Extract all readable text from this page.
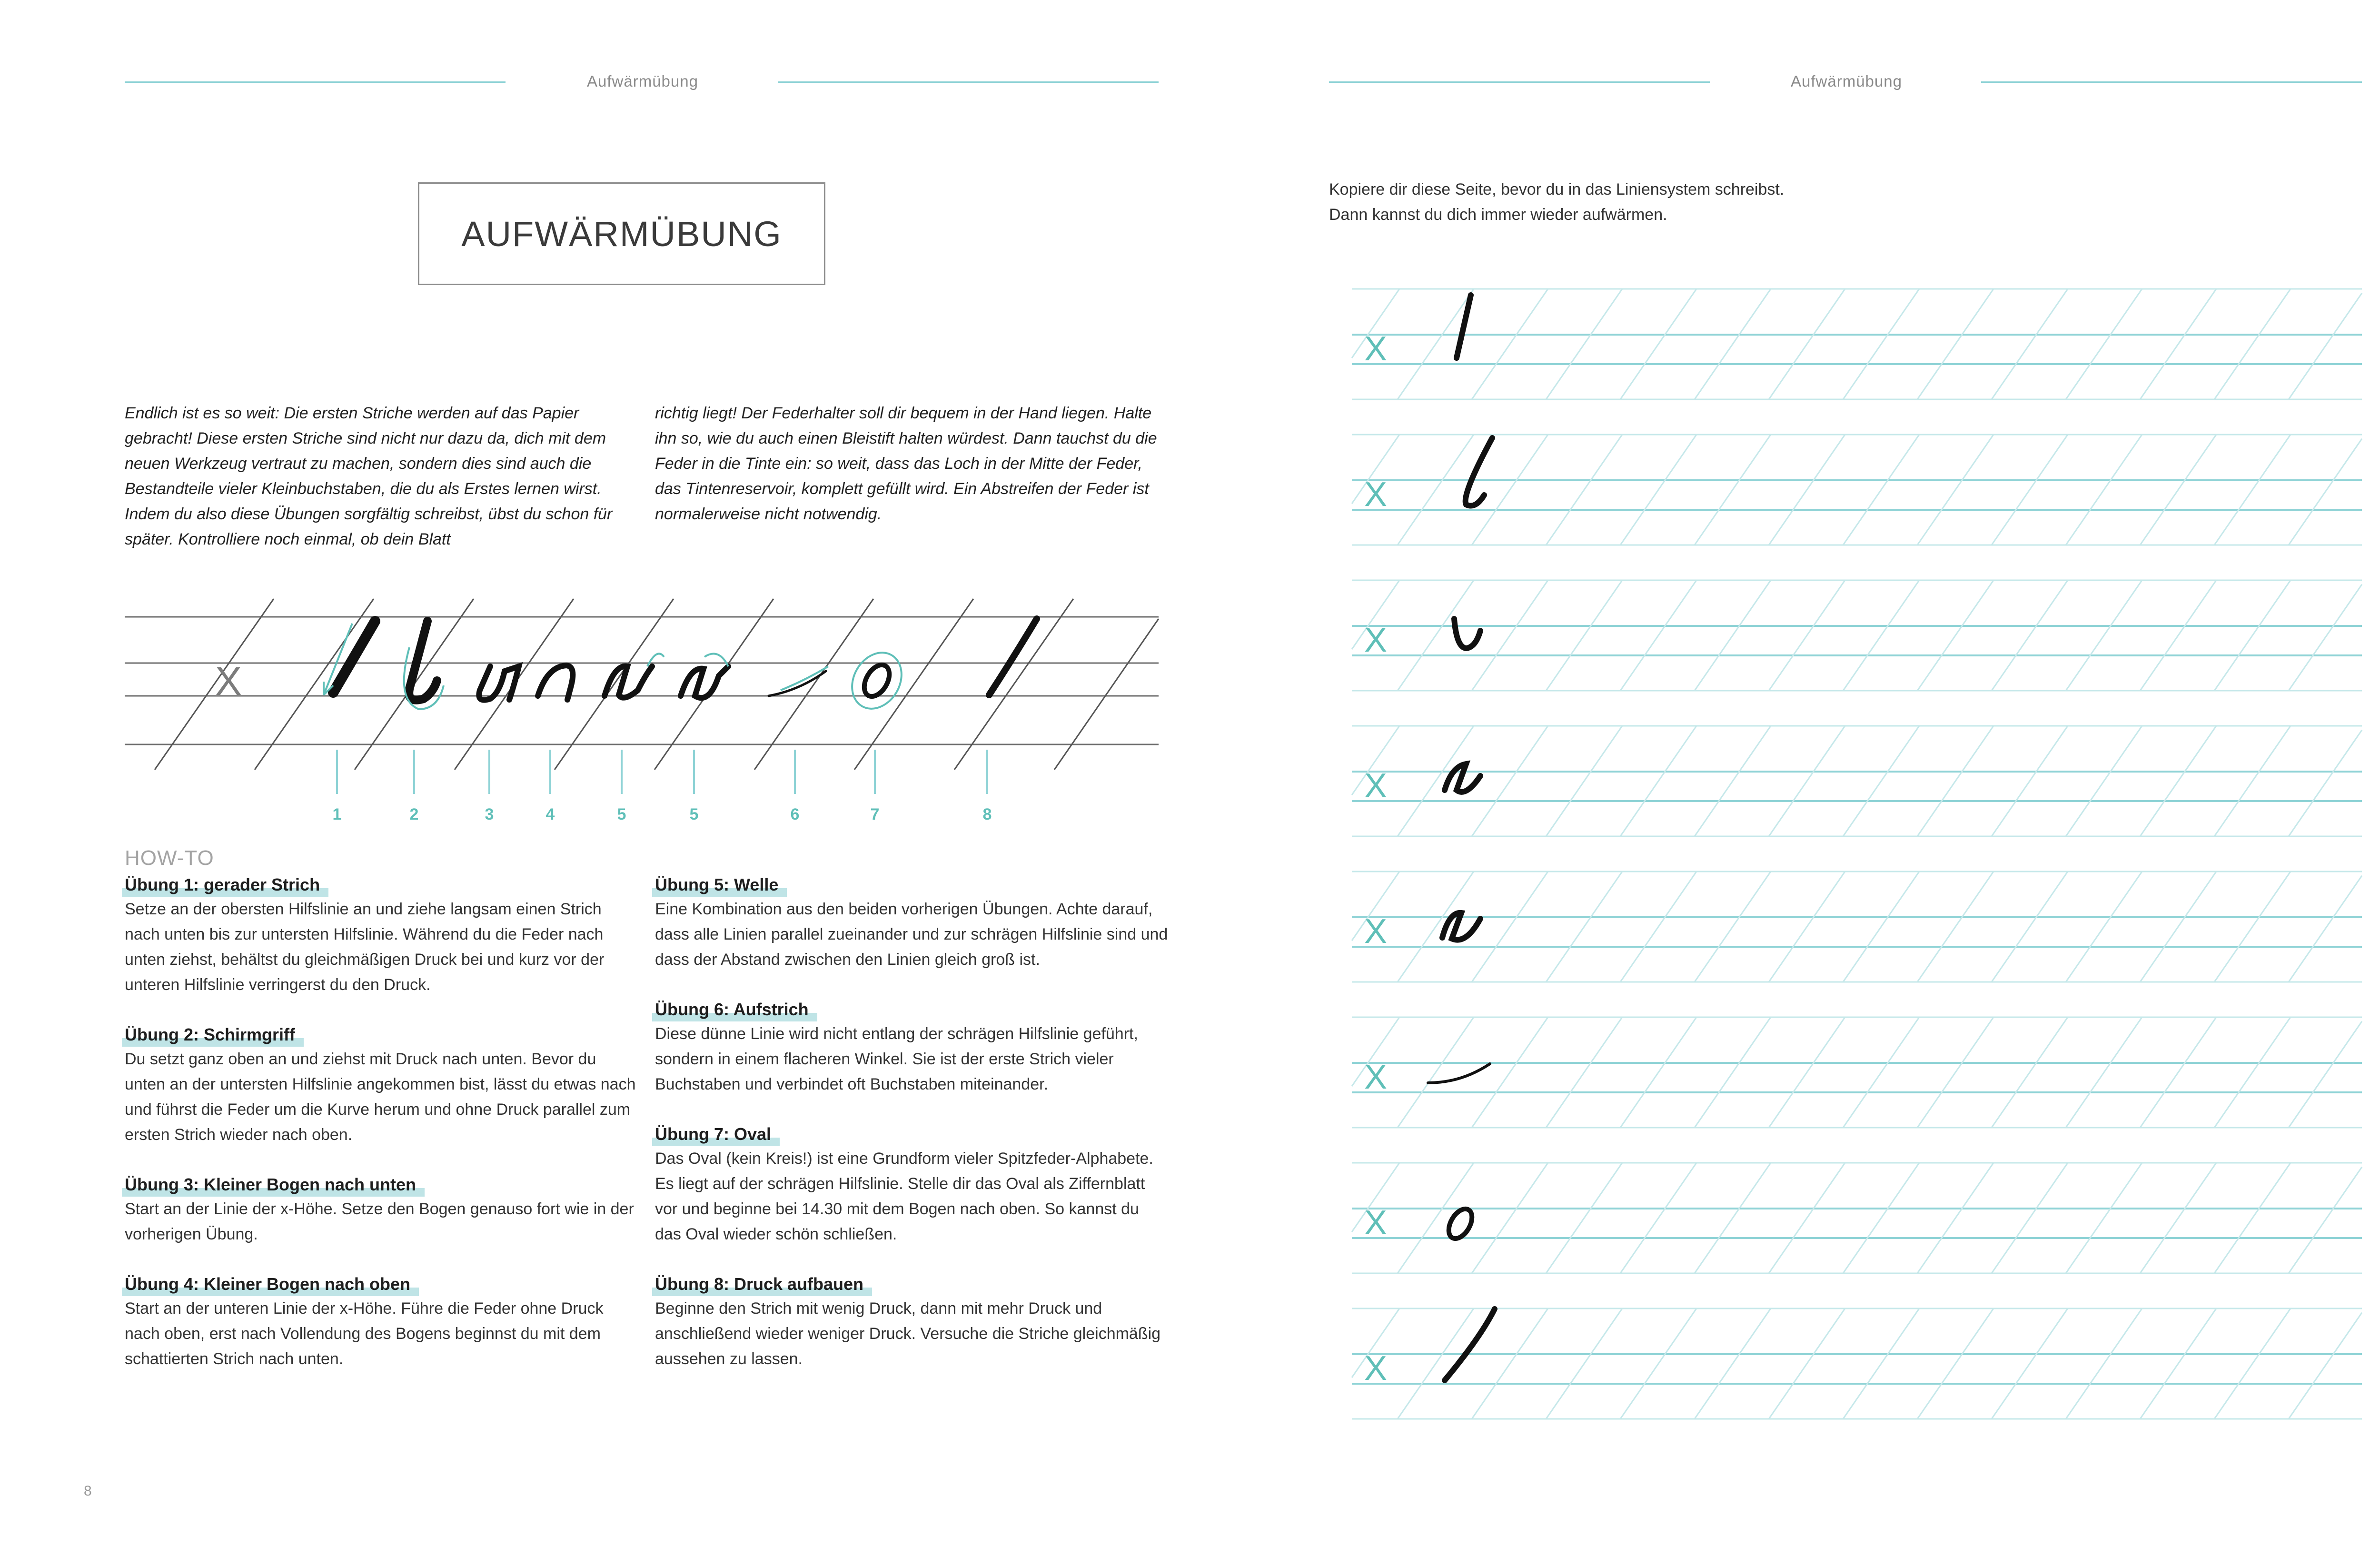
Aufwärmübung	Aufwärmübung
AUFWÄRMÜBUNG

Endlich ist es so weit: Die ersten Striche werden auf das Papier gebracht! Diese ersten Striche sind nicht nur dazu da, dich mit dem neuen Werkzeug vertraut zu machen, sondern dies sind auch die Bestandteile vieler Kleinbuchstaben, die du als Erstes lernen wirst. Indem du also diese Übungen sorgfältig schreibst, übst du schon für später. Kontrolliere noch einmal, ob dein Blatt

richtig liegt! Der Federhalter soll dir bequem in der Hand liegen. Halte ihn so, wie du auch einen Bleistift halten würdest. Dann tauchst du die Feder in die Tinte ein: so weit, dass das Loch in der Mitte der Feder, das Tintenreservoir, komplett gefüllt wird. Ein Abstreifen der Feder ist normalerweise nicht notwendig.

X
1	2	3	4	5	5	6	7	8
HOW-TO
Übung 1: gerader Strich
Setze an der obersten Hilfslinie an und ziehe langsam einen Strich nach unten bis zur untersten Hilfslinie. Während du die Feder nach unten ziehst, behältst du gleichmäßigen Druck bei und kurz vor der unteren Hilfslinie verringerst du den Druck.
Übung 2: Schirmgriff
Du setzt ganz oben an und ziehst mit Druck nach unten. Bevor du unten an der untersten Hilfslinie angekommen bist, lässt du etwas nach und führst die Feder um die Kurve herum und ohne Druck parallel zum ersten Strich wieder nach oben.
Übung 3: Kleiner Bogen nach unten
Start an der Linie der x-Höhe. Setze den Bogen genauso fort wie in der vorherigen Übung.
Übung 4: Kleiner Bogen nach oben
Start an der unteren Linie der x-Höhe. Führe die Feder ohne Druck nach oben, erst nach Vollendung des Bogens beginnst du mit dem schattierten Strich nach unten.
Übung 5: Welle
Eine Kombination aus den beiden vorherigen Übungen. Achte darauf, dass alle Linien parallel zueinander und zur schrägen Hilfslinie sind und dass der Abstand zwischen den Linien gleich groß ist.
Übung 6: Aufstrich
Diese dünne Linie wird nicht entlang der schrägen Hilfslinie geführt, sondern in einem flacheren Winkel. Sie ist der erste Strich vieler Buchstaben und verbindet oft Buchstaben miteinander.
Übung 7: Oval
Das Oval (kein Kreis!) ist eine Grundform vieler Spitzfeder-Alphabete. Es liegt auf der schrägen Hilfslinie. Stelle dir das Oval als Ziffernblatt vor und beginne bei 14.30 mit dem Bogen nach oben. So kannst du das Oval wieder schön schließen.
Übung 8: Druck aufbauen
Beginne den Strich mit wenig Druck, dann mit mehr Druck und anschließend wieder weniger Druck. Versuche die Striche gleichmäßig aussehen zu lassen.
Kopiere dir diese Seite, bevor du in das Liniensystem schreibst.
Dann kannst du dich immer wieder aufwärmen.
X
X
X
X
X
X
X
X
8
